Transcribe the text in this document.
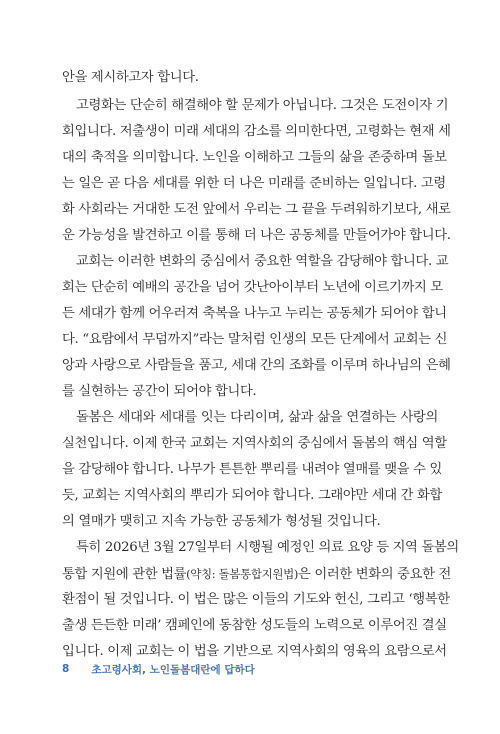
안을 제시하고자 합니다.
고령화는 단순히 해결해야 할 문제가 아닙니다. 그것은 도전이자 기
회입니다. 저출생이 미래 세대의 감소를 의미한다면, 고령화는 현재 세
대의 축적을 의미합니다. 노인을 이해하고 그들의 삶을 존중하며 돌보
는 일은 곧 다음 세대를 위한 더 나은 미래를 준비하는 일입니다. 고령
화 사회라는 거대한 도전 앞에서 우리는 그 끝을 두려워하기보다, 새로
운 가능성을 발견하고 이를 통해 더 나은 공동체를 만들어가야 합니다.
교회는 이러한 변화의 중심에서 중요한 역할을 감당해야 합니다. 교
회는 단순히 예배의 공간을 넘어 갓난아이부터 노년에 이르기까지 모
든 세대가 함께 어우러져 축복을 나누고 누리는 공동체가 되어야 합니
다. “요람에서 무덤까지”라는 말처럼 인생의 모든 단계에서 교회는 신
앙과 사랑으로 사람들을 품고, 세대 간의 조화를 이루며 하나님의 은혜
를 실현하는 공간이 되어야 합니다.
돌봄은 세대와 세대를 잇는 다리이며, 삶과 삶을 연결하는 사랑의
실천입니다. 이제 한국 교회는 지역사회의 중심에서 돌봄의 핵심 역할
을 감당해야 합니다. 나무가 튼튼한 뿌리를 내려야 열매를 맺을 수 있
듯, 교회는 지역사회의 뿌리가 되어야 합니다. 그래야만 세대 간 화합
의 열매가 맺히고 지속 가능한 공동체가 형성될 것입니다.
특히 2026년 3월 27일부터 시행될 예정인 의료 요양 등 지역 돌봄의
통합 지원에 관한 법률(약칭: 돌봄통합지원법)은 이러한 변화의 중요한 전
환점이 될 것입니다. 이 법은 많은 이들의 기도와 헌신, 그리고 ‘행복한
출생 든든한 미래’ 캠페인에 동참한 성도들의 노력으로 이루어진 결실
입니다. 이제 교회는 이 법을 기반으로 지역사회의 영육의 요람으로서
8 초고령사회, 노인돌봄대란에 답하다
